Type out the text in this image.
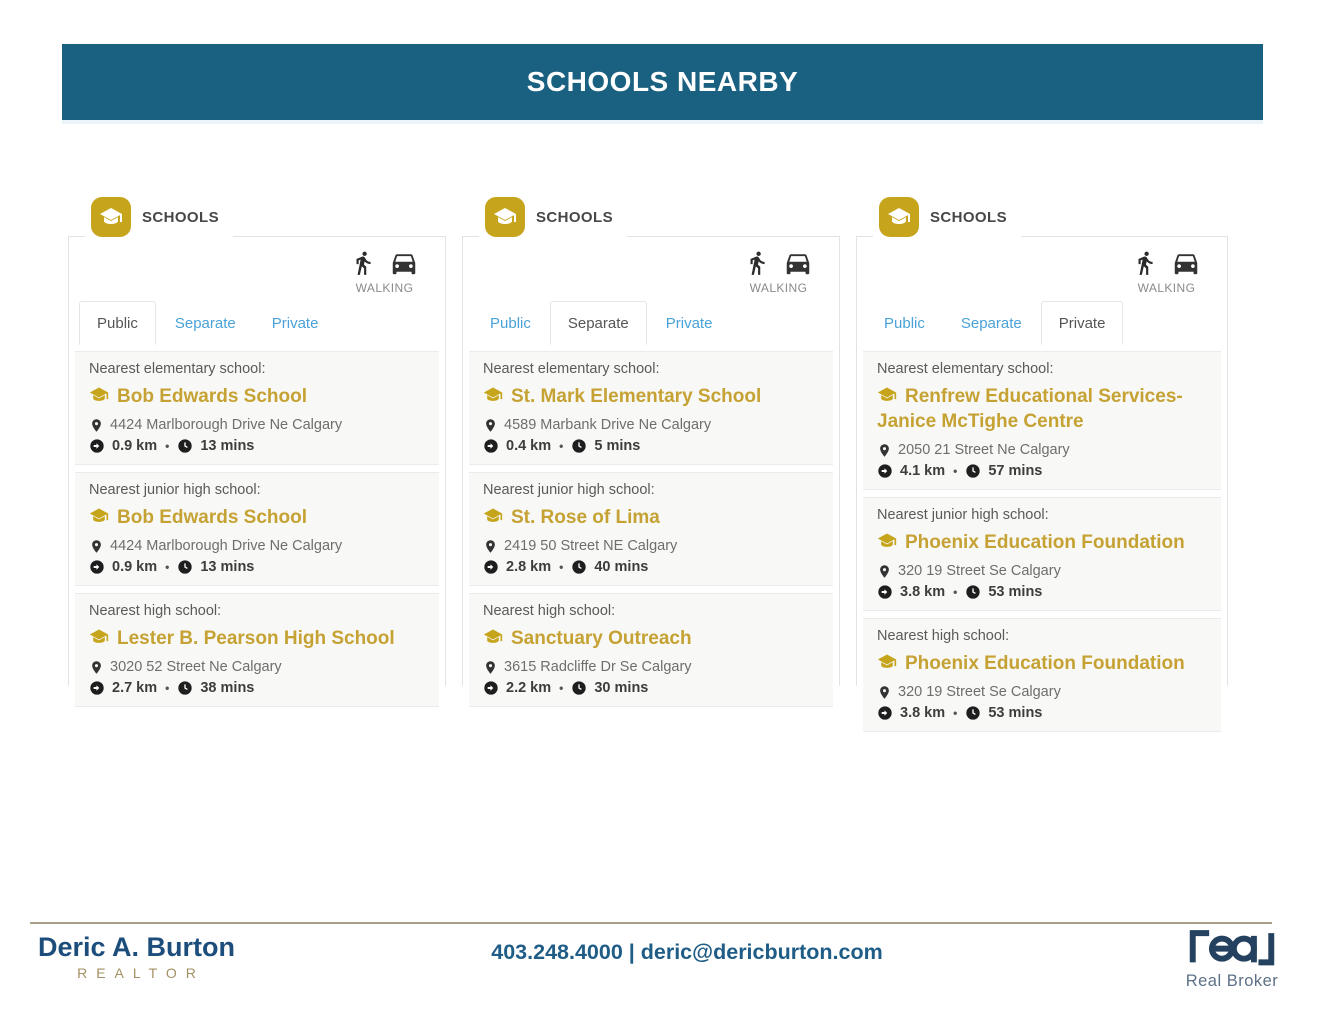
SCHOOLS NEARBY
SCHOOLS
WALKING
Public	Separate	Private
Nearest elementary school:
Bob Edwards School
4424 Marlborough Drive Ne Calgary
0.9 km • 13 mins
Nearest junior high school:
Bob Edwards School
4424 Marlborough Drive Ne Calgary
0.9 km • 13 mins
Nearest high school:
Lester B. Pearson High School
3020 52 Street Ne Calgary
2.7 km • 38 mins
SCHOOLS
WALKING
Public	Separate	Private
Nearest elementary school:
St. Mark Elementary School
4589 Marbank Drive Ne Calgary
0.4 km • 5 mins
Nearest junior high school:
St. Rose of Lima
2419 50 Street NE Calgary
2.8 km • 40 mins
Nearest high school:
Sanctuary Outreach
3615 Radcliffe Dr Se Calgary
2.2 km • 30 mins
SCHOOLS
WALKING
Public	Separate	Private
Nearest elementary school:
Renfrew Educational Services-Janice McTighe Centre
2050 21 Street Ne Calgary
4.1 km • 57 mins
Nearest junior high school:
Phoenix Education Foundation
320 19 Street Se Calgary
3.8 km • 53 mins
Nearest high school:
Phoenix Education Foundation
320 19 Street Se Calgary
3.8 km • 53 mins
Deric A. Burton
REALTOR
403.248.4000 | deric@dericburton.com
Real Broker
